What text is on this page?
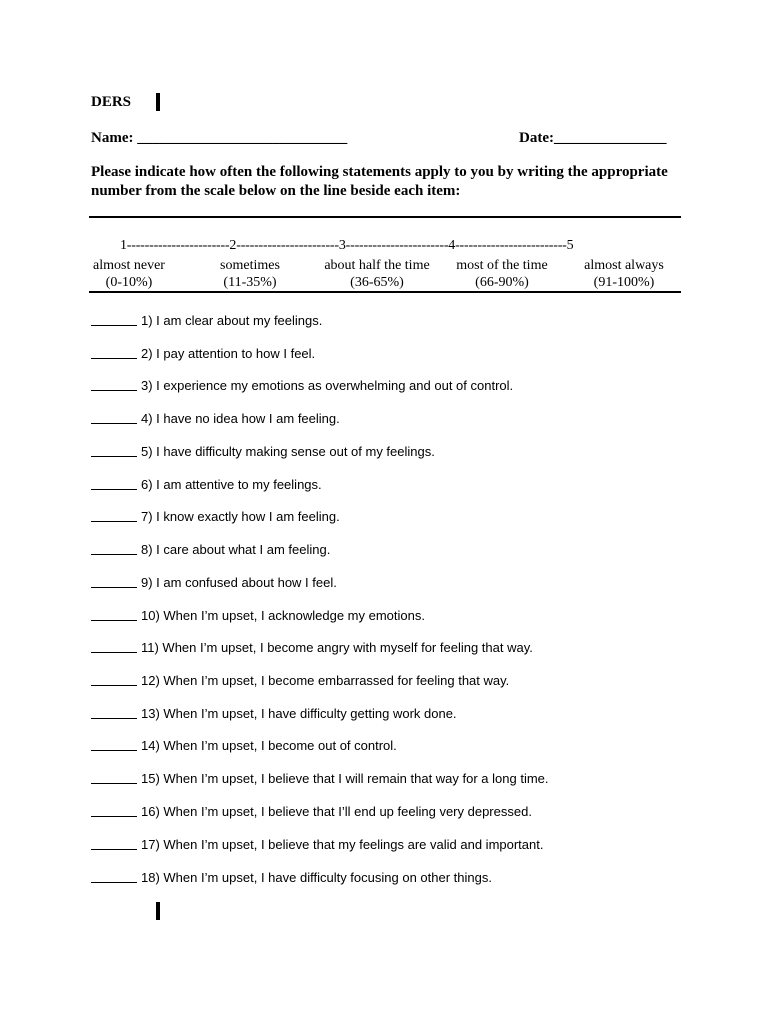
DERS
Name: ____________________________	Date:_______________
Please indicate how often the following statements apply to you by writing the appropriate number from the scale below on the line beside each item:
1-----------------------2-----------------------3-----------------------4-------------------------5
almost never
(0-10%)
sometimes
(11-35%)
about half the time
(36-65%)
most of the time
(66-90%)
almost always
(91-100%)
1) I am clear about my feelings.
2) I pay attention to how I feel.
3) I experience my emotions as overwhelming and out of control.
4) I have no idea how I am feeling.
5) I have difficulty making sense out of my feelings.
6) I am attentive to my feelings.
7) I know exactly how I am feeling.
8) I care about what I am feeling.
9) I am confused about how I feel.
10) When I’m upset, I acknowledge my emotions.
11) When I’m upset, I become angry with myself for feeling that way.
12) When I’m upset, I become embarrassed for feeling that way.
13) When I’m upset, I have difficulty getting work done.
14) When I’m upset, I become out of control.
15) When I’m upset, I believe that I will remain that way for a long time.
16) When I’m upset, I believe that I’ll end up feeling very depressed.
17) When I’m upset, I believe that my feelings are valid and important.
18) When I’m upset, I have difficulty focusing on other things.
